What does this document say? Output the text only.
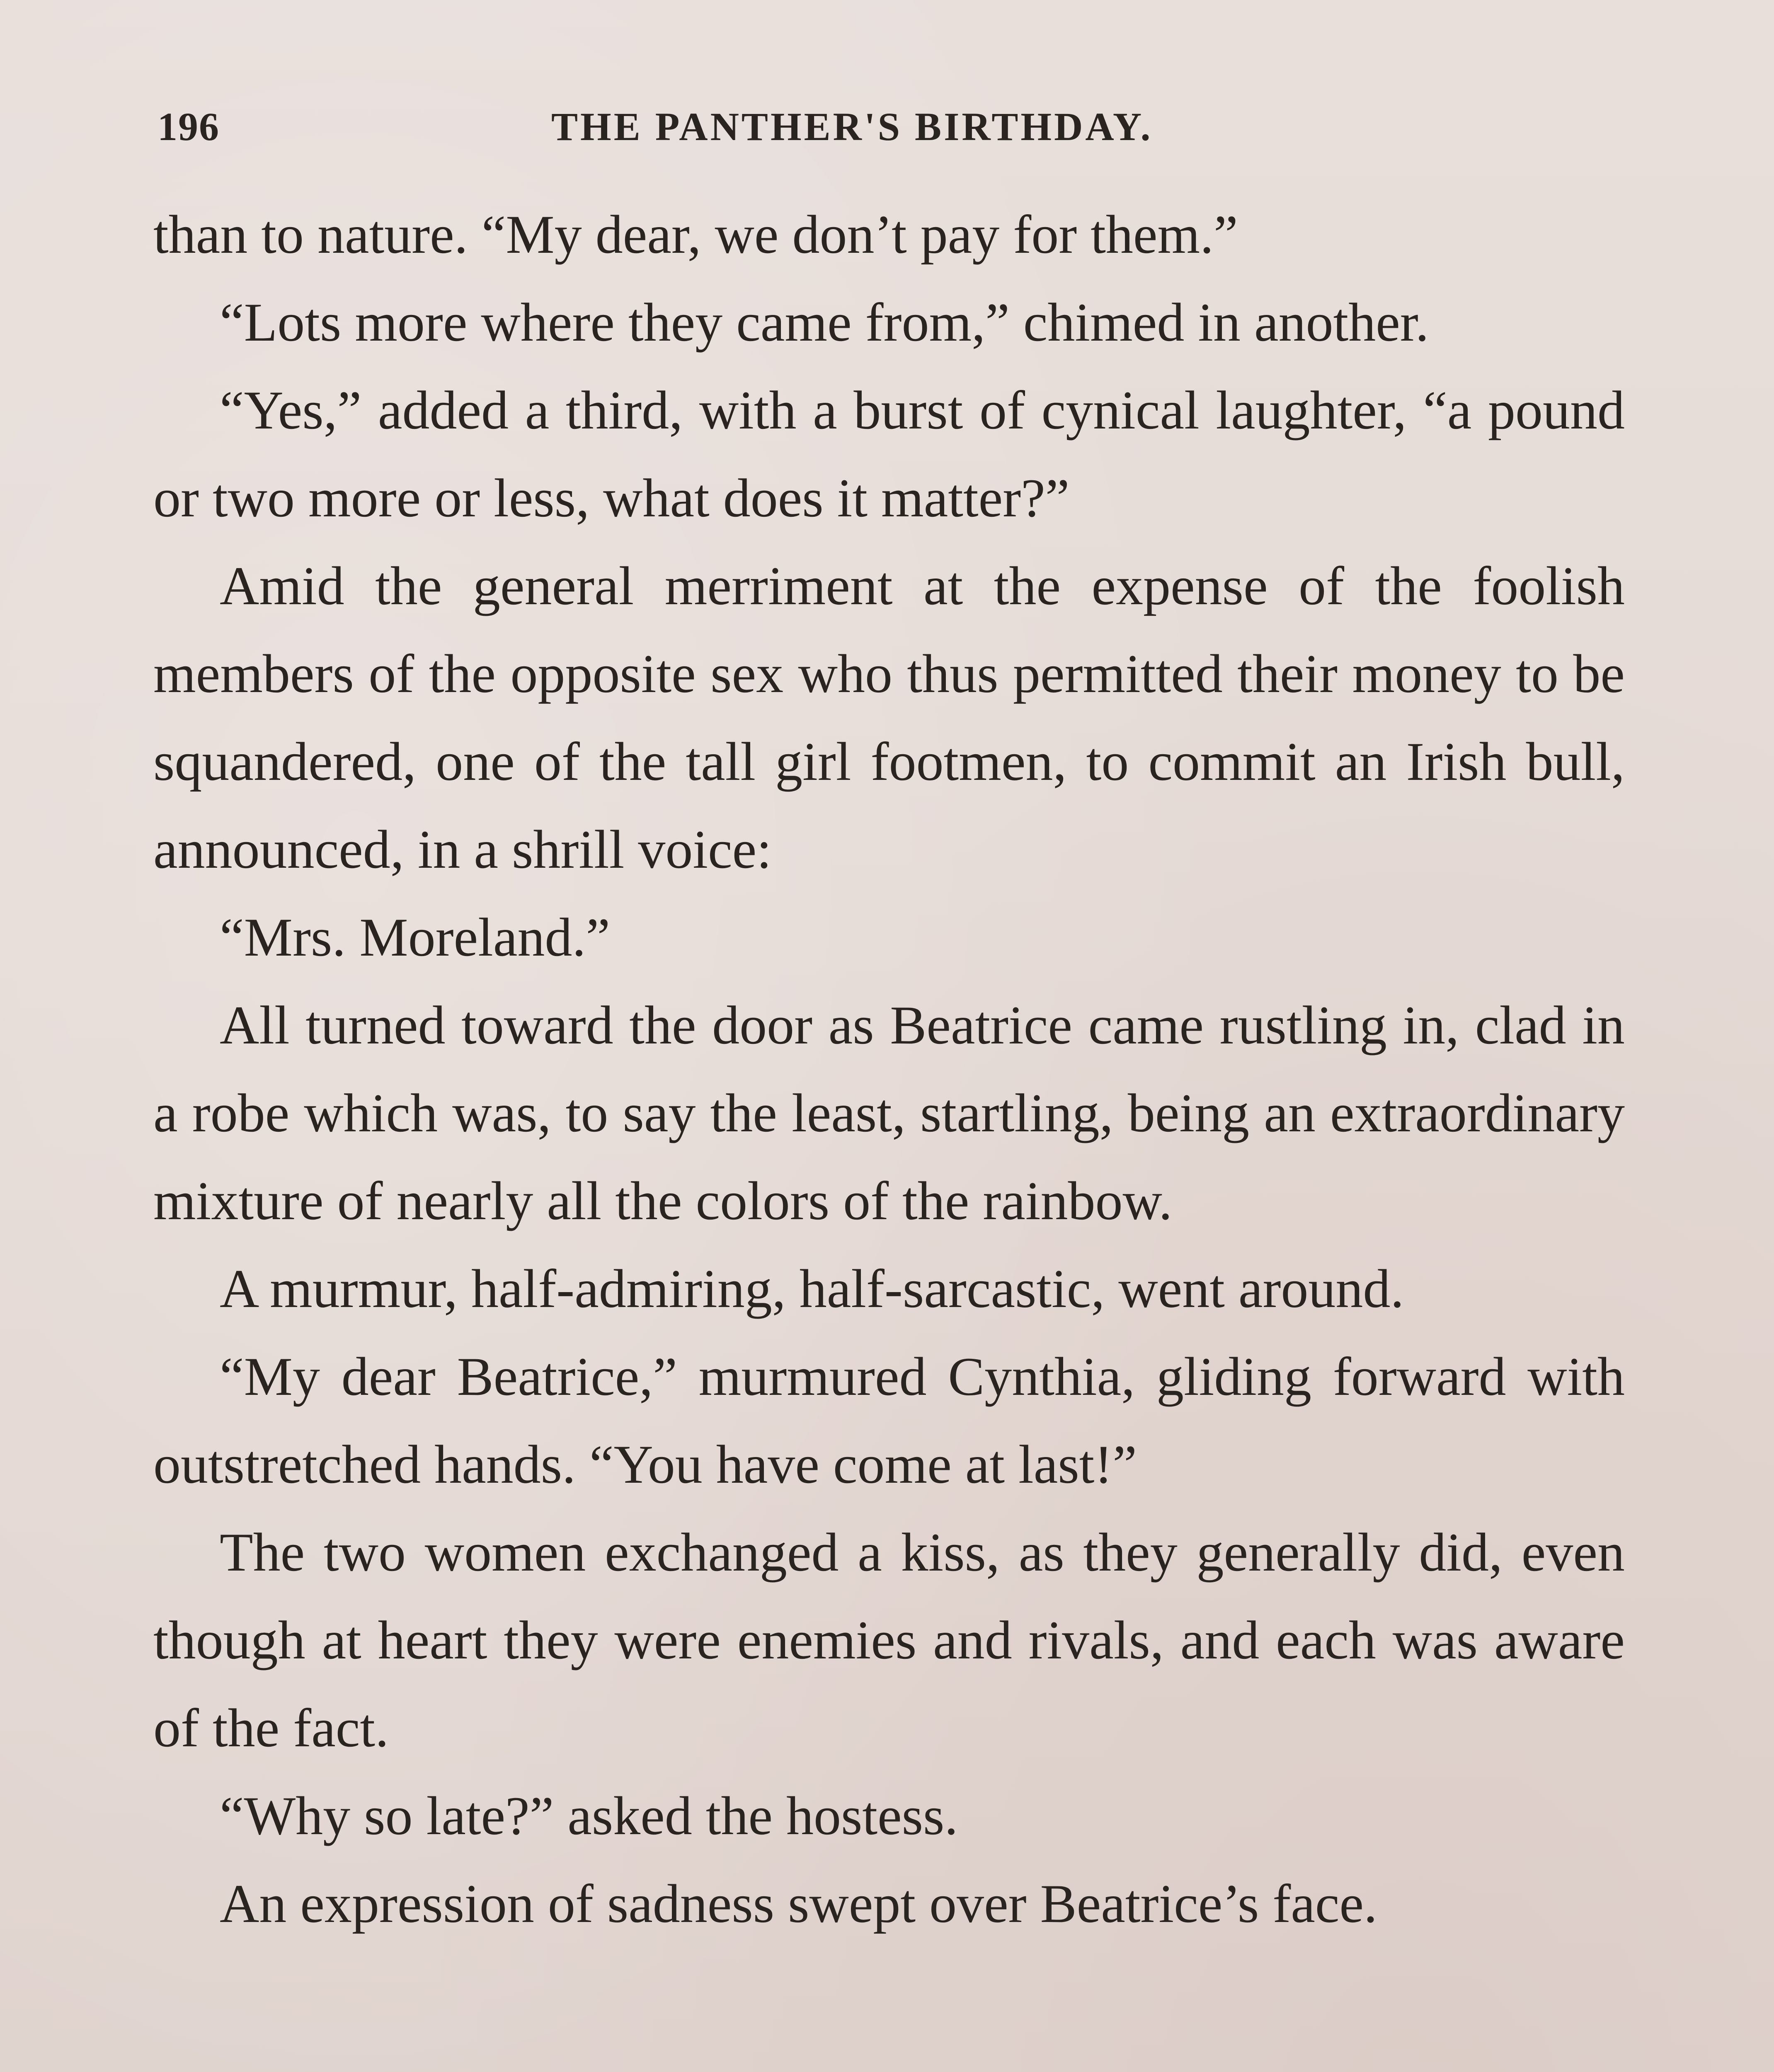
196	THE PANTHER'S BIRTHDAY.

than to nature. “My dear, we don’t pay for them.”

“Lots more where they came from,” chimed in another.

“Yes,” added a third, with a burst of cynical laughter, “a pound or two more or less, what does it matter?”

Amid the general merriment at the expense of the foolish members of the opposite sex who thus permitted their money to be squandered, one of the tall girl footmen, to commit an Irish bull, announced, in a shrill voice:

“Mrs. Moreland.”

All turned toward the door as Beatrice came rustling in, clad in a robe which was, to say the least, startling, being an extraordinary mixture of nearly all the colors of the rainbow.

A murmur, half-admiring, half-sarcastic, went around.

“My dear Beatrice,” murmured Cynthia, gliding forward with outstretched hands. “You have come at last!”

The two women exchanged a kiss, as they generally did, even though at heart they were enemies and rivals, and each was aware of the fact.

“Why so late?” asked the hostess.

An expression of sadness swept over Beatrice’s face.
